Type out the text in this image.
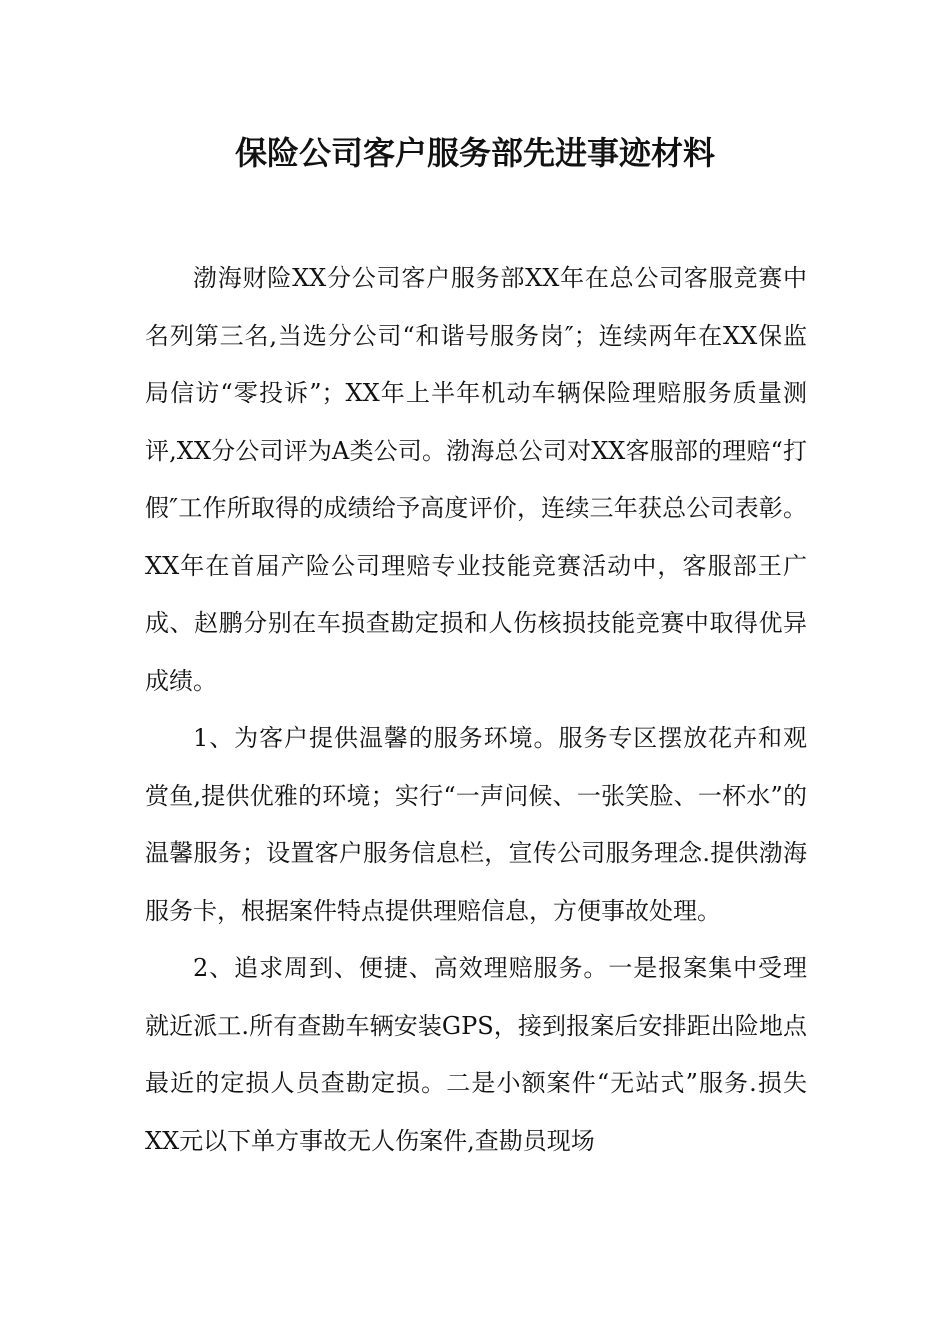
保险公司客户服务部先进事迹材料

渤海财险XX分公司客户服务部XX年在总公司客服竞赛中名列第三名,当选分公司“和谐号服务岗″；连续两年在XX保监局信访“零投诉”；XX年上半年机动车辆保险理赔服务质量测评,XX分公司评为A类公司。渤海总公司对XX客服部的理赔“打假″工作所取得的成绩给予高度评价，连续三年获总公司表彰。XX年在首届产险公司理赔专业技能竞赛活动中，客服部王广成、赵鹏分别在车损查勘定损和人伤核损技能竞赛中取得优异成绩。

1、为客户提供温馨的服务环境。服务专区摆放花卉和观赏鱼,提供优雅的环境；实行“一声问候、一张笑脸、一杯水”的温馨服务；设置客户服务信息栏，宣传公司服务理念.提供渤海服务卡，根据案件特点提供理赔信息，方便事故处理。

2、追求周到、便捷、高效理赔服务。一是报案集中受理就近派工.所有查勘车辆安装GPS，接到报案后安排距出险地点最近的定损人员查勘定损。二是小额案件“无站式”服务.损失XX元以下单方事故无人伤案件,查勘员现场
